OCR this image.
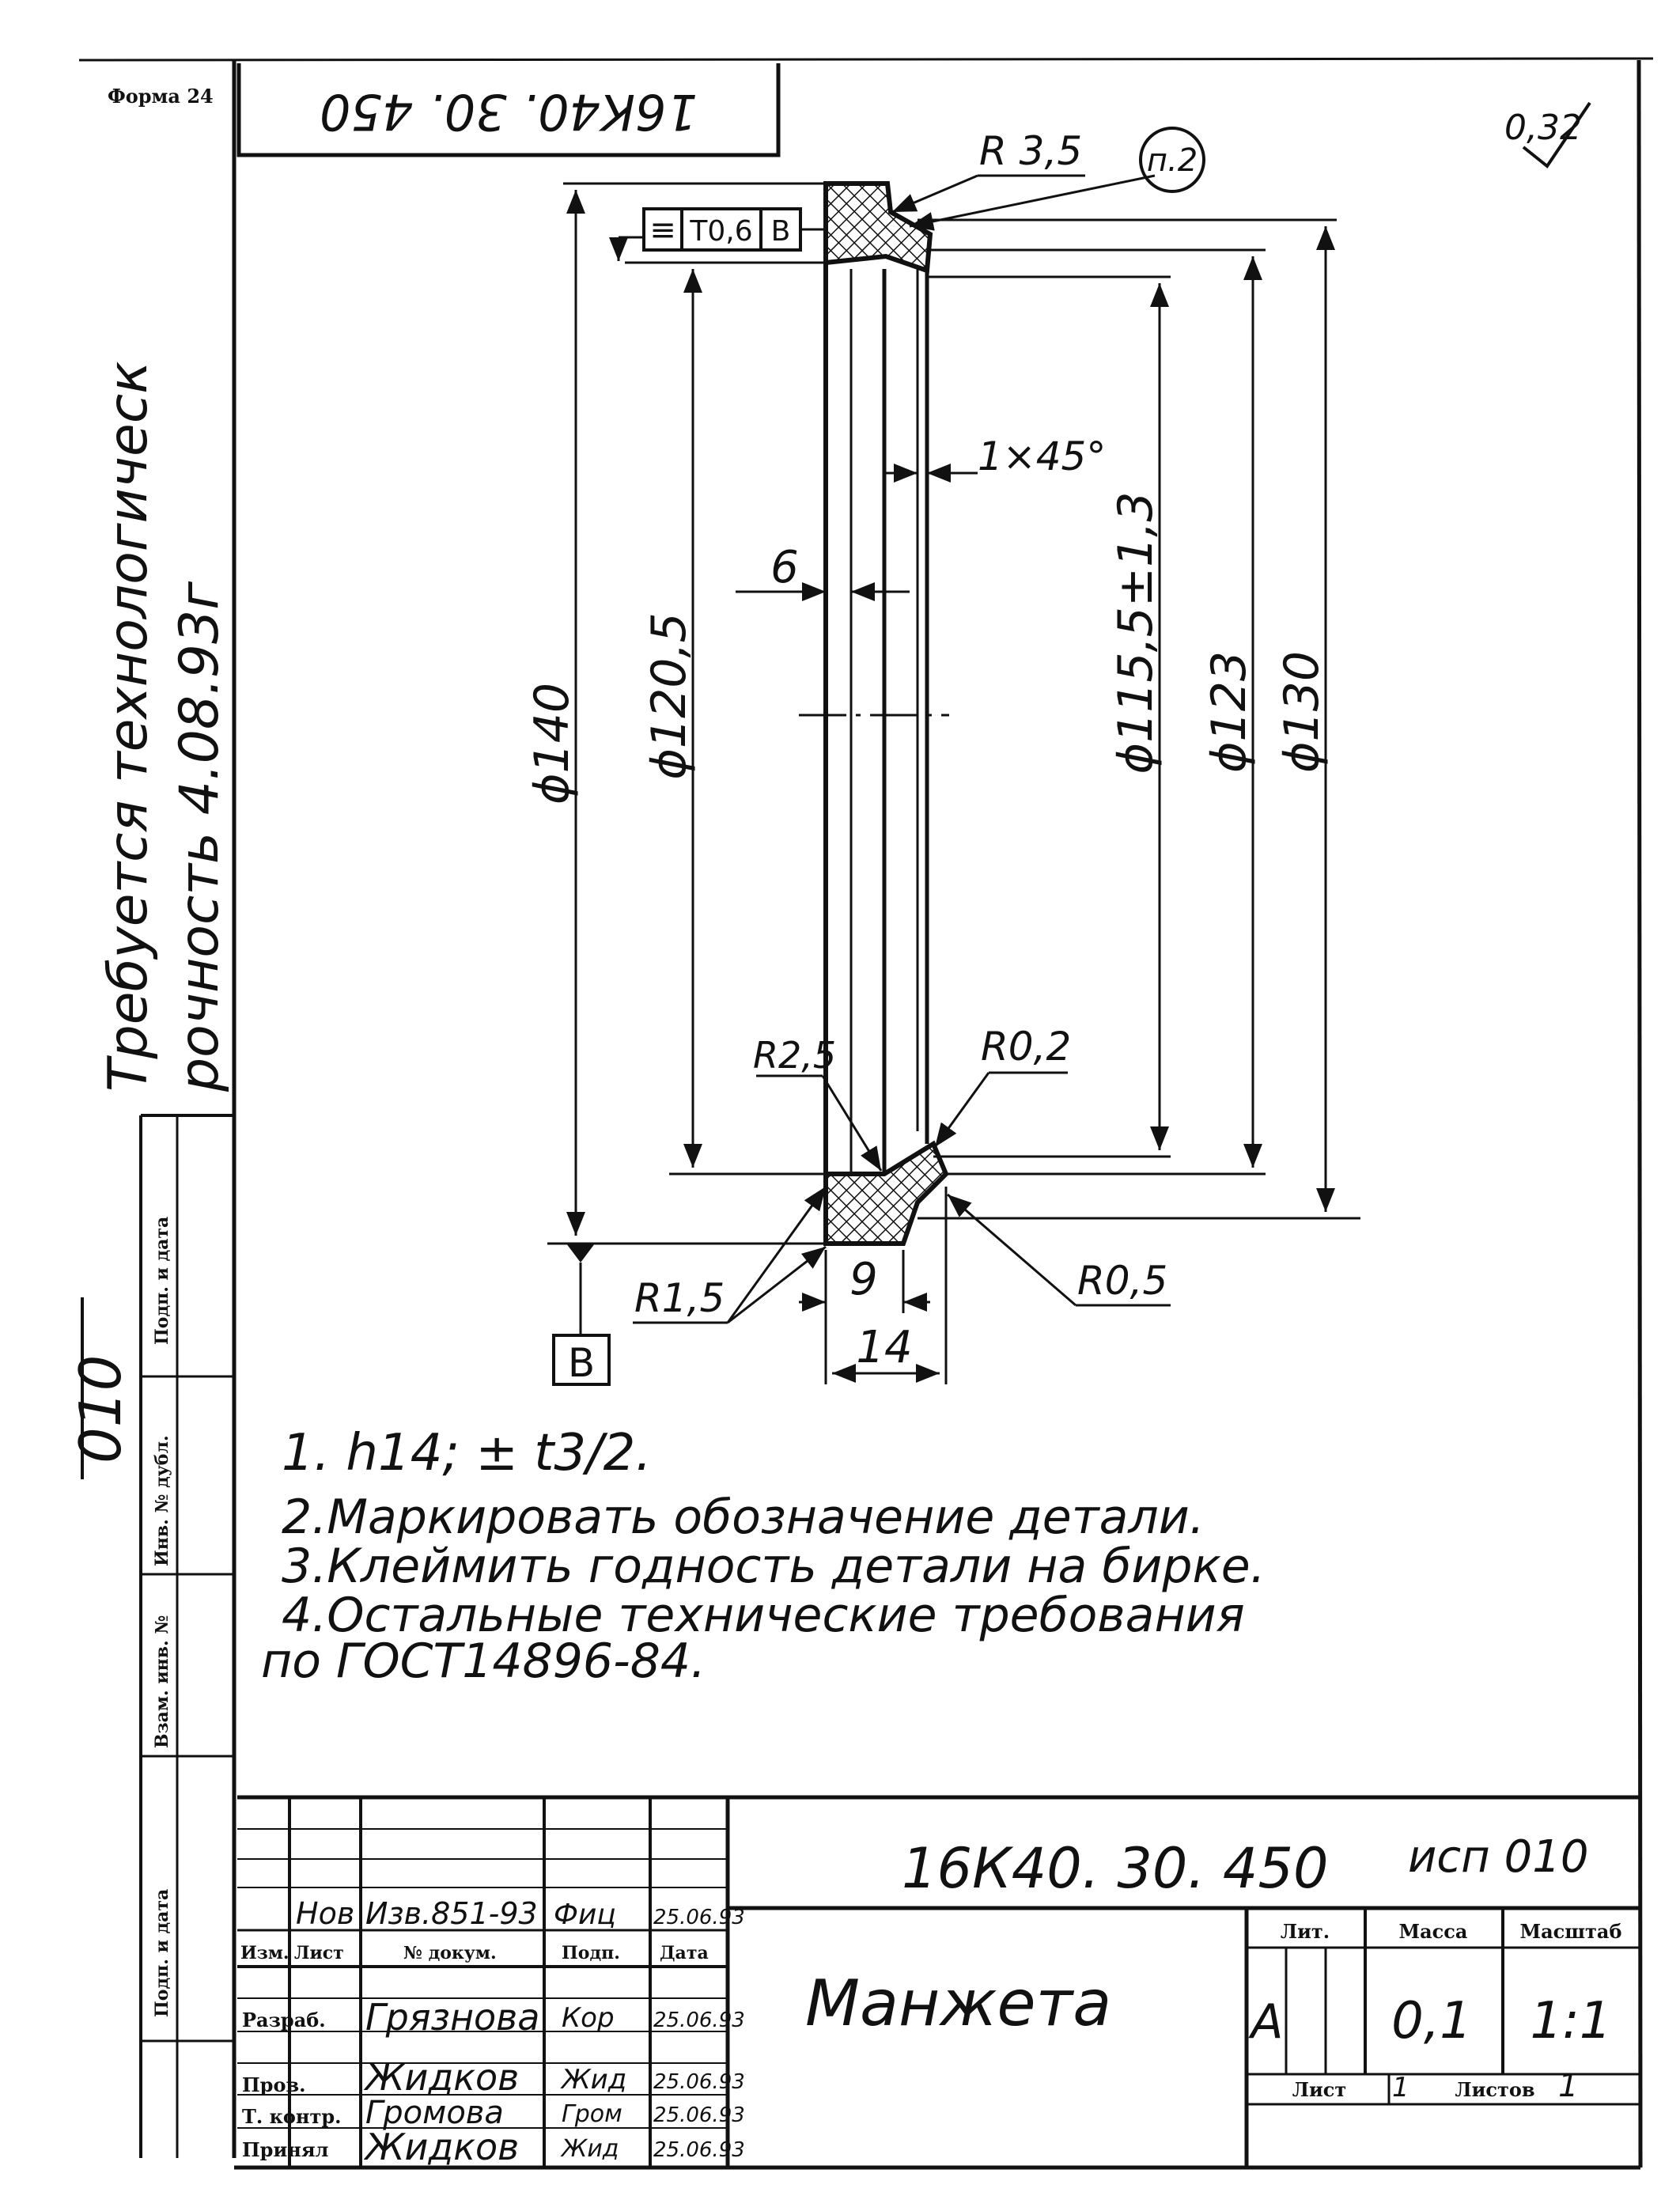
Форма 24 16К40. 30. 450	0,32
Требуется технологическ рочность 4.08.93г
010
Подп. и дата
Инв. № дубл.
Взам. инв. №
Подп. и дата
≡ T0,6 B
B
R 3,5 п.2
1×45°
6
ϕ140 ϕ120,5	ϕ115,5±1,3 ϕ123 ϕ130
R2,5	R0,2
R1,5	R0,5
9
14
1. h14; ± t3/2.
2.Маркировать обозначение детали.
3.Клеймить годность детали на бирке.
4.Остальные технические требования
по ГОСТ14896-84.
16К40. 30. 450 исп 010
Манжета
Лит.	Масса	Масштаб
А 0,1 1:1
Лист 1 Листов 1
Нов Изв.851-93 Фиц 25.06.93
Изм. Лист	№ докум.	Подп. Дата
Разраб. Грязнова Кор 25.06.93
Пров. Жидков Жид 25.06.93
Т. контр. Громова Гром 25.06.93
Принял Жидков Жид 25.06.93
